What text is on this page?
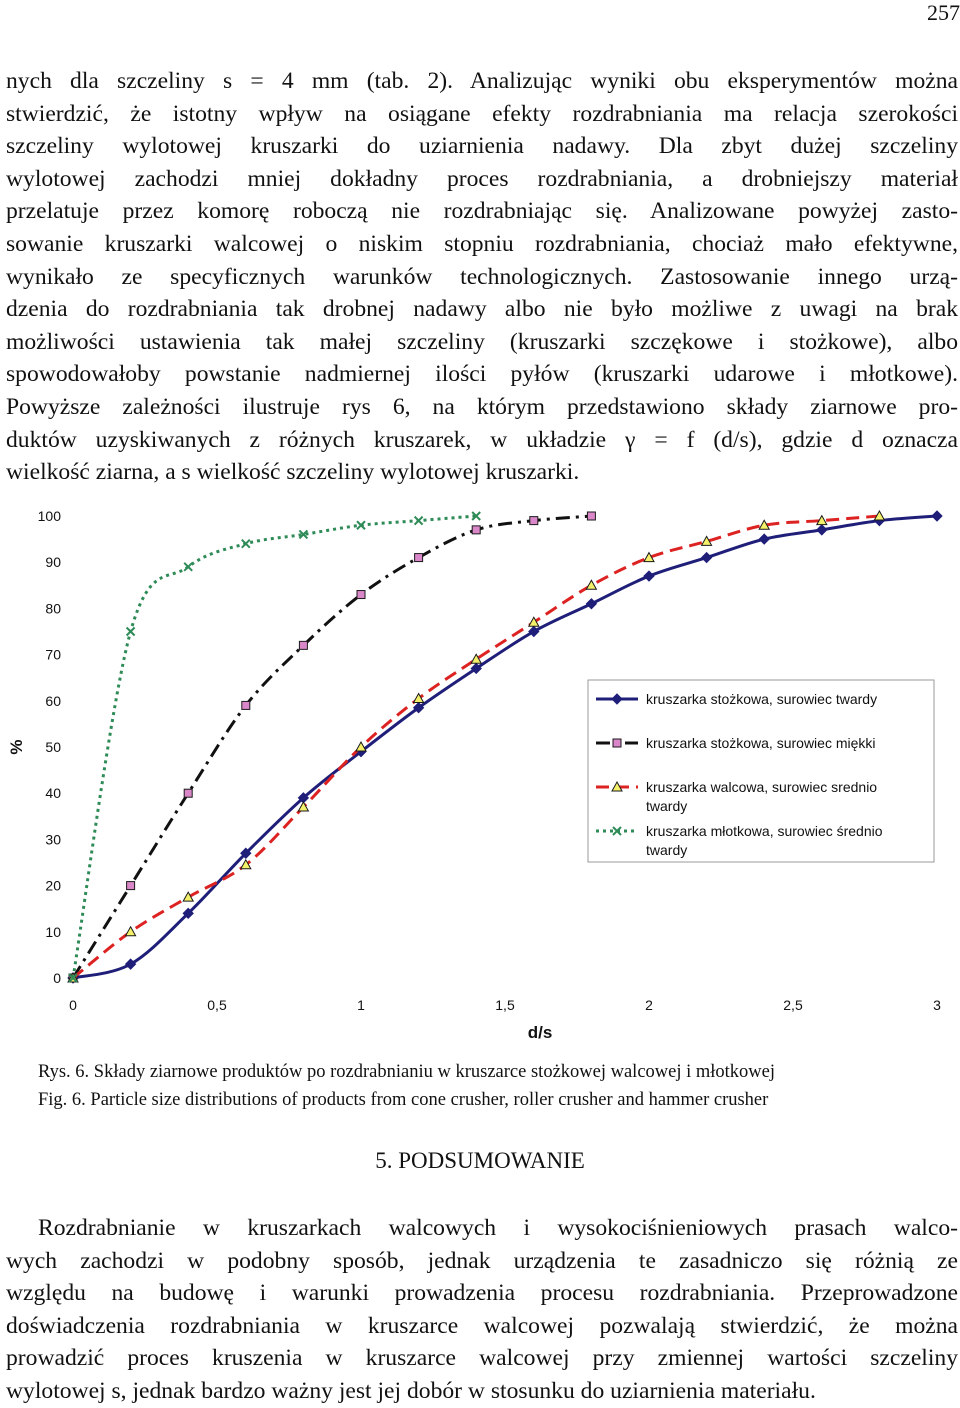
257
nych dla szczeliny s = 4 mm (tab. 2). Analizując wyniki obu eksperymentów można
stwierdzić, że istotny wpływ na osiągane efekty rozdrabniania ma relacja szerokości
szczeliny wylotowej kruszarki do uziarnienia nadawy. Dla zbyt dużej szczeliny
wylotowej zachodzi mniej dokładny proces rozdrabniania, a drobniejszy materiał
przelatuje przez komorę roboczą nie rozdrabniając się. Analizowane powyżej zasto-
sowanie kruszarki walcowej o niskim stopniu rozdrabniania, chociaż mało efektywne,
wynikało ze specyficznych warunków technologicznych. Zastosowanie innego urzą-
dzenia do rozdrabniania tak drobnej nadawy albo nie było możliwe z uwagi na brak
możliwości ustawienia tak małej szczeliny (kruszarki szczękowe i stożkowe), albo
spowodowałoby powstanie nadmiernej ilości pyłów (kruszarki udarowe i młotkowe).
Powyższe zależności ilustruje rys 6, na którym przedstawiono składy ziarnowe pro-
duktów uzyskiwanych z różnych kruszarek, w układzie γ = f (d/s), gdzie d oznacza
wielkość ziarna, a s wielkość szczeliny wylotowej kruszarki.
0
10
20
30
40
50
60
70
80
90
100
0	0,5	1	1,5	2	2,5	3
d/s
%
kruszarka stożkowa, surowiec twardy
kruszarka stożkowa, surowiec miękki
kruszarka walcowa, surowiec srednio
twardy
kruszarka młotkowa, surowiec średnio
twardy
Rys. 6. Składy ziarnowe produktów po rozdrabnianiu w kruszarce stożkowej walcowej i młotkowej
Fig. 6. Particle size distributions of products from cone crusher, roller crusher and hammer crusher
5. PODSUMOWANIE
Rozdrabnianie w kruszarkach walcowych i wysokociśnieniowych prasach walco-
wych zachodzi w podobny sposób, jednak urządzenia te zasadniczo się różnią ze
względu na budowę i warunki prowadzenia procesu rozdrabniania. Przeprowadzone
doświadczenia rozdrabniania w kruszarce walcowej pozwalają stwierdzić, że można
prowadzić proces kruszenia w kruszarce walcowej przy zmiennej wartości szczeliny
wylotowej s, jednak bardzo ważny jest jej dobór w stosunku do uziarnienia materiału.
